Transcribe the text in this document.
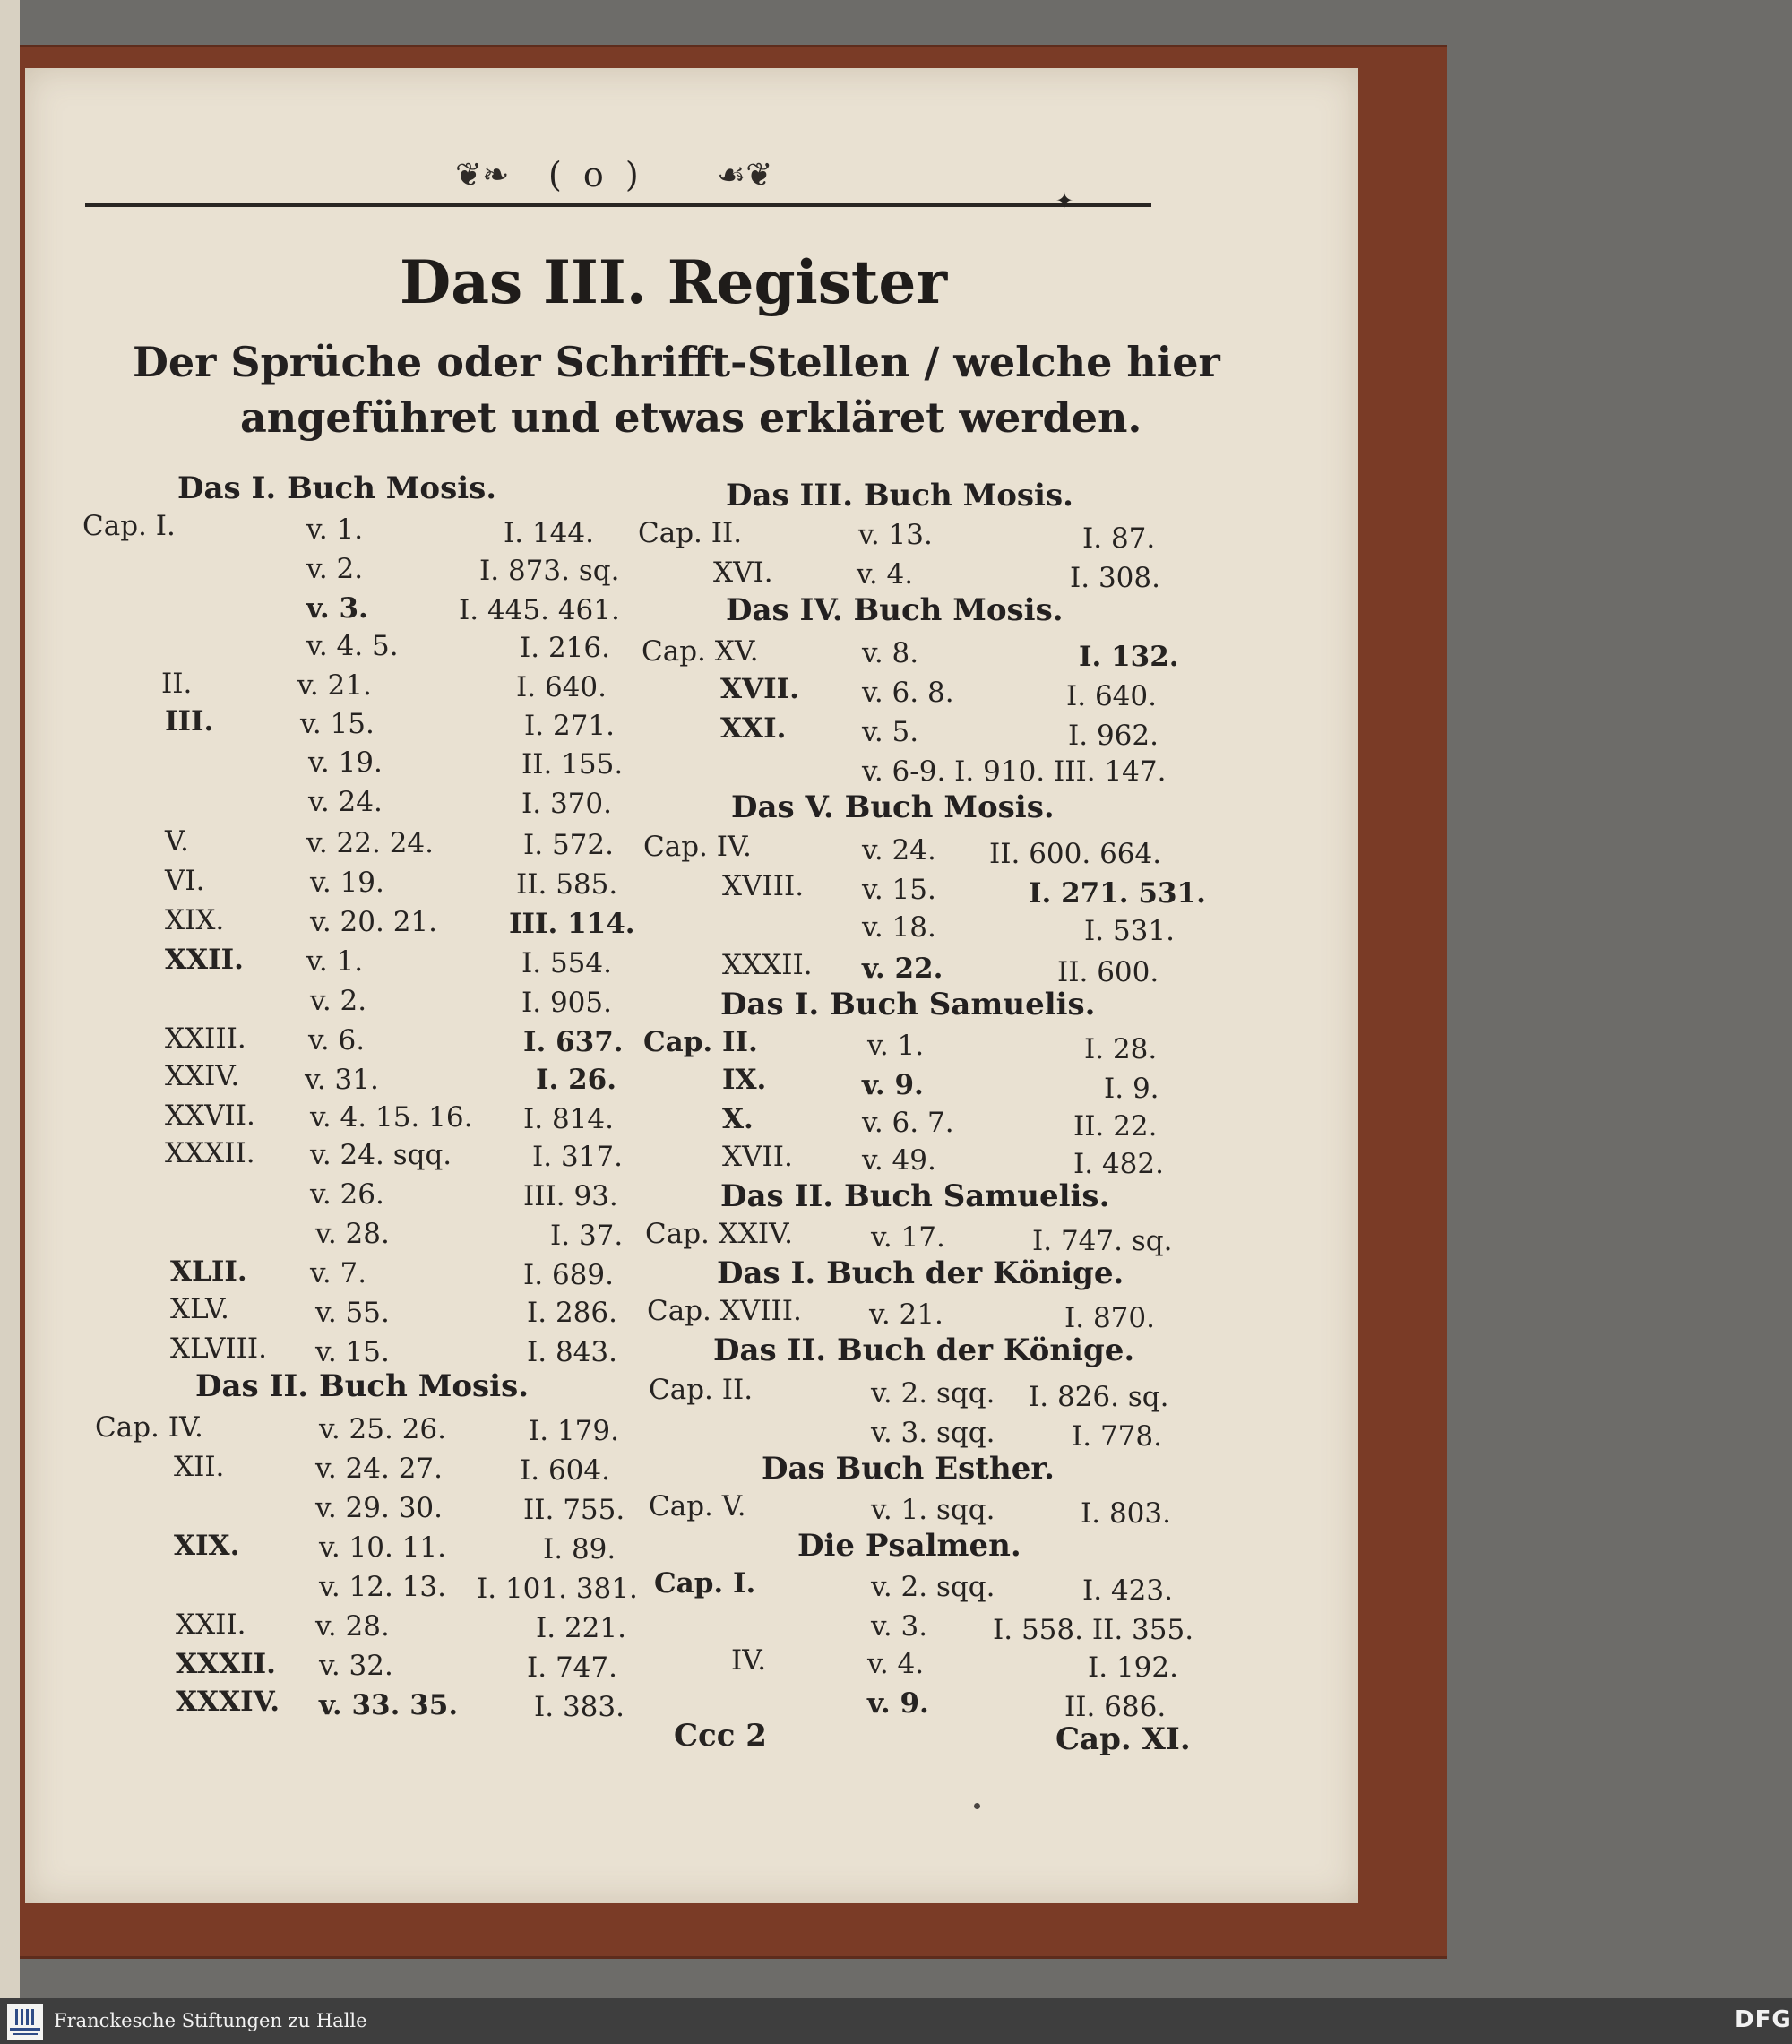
❦❧ ( o ) ☙❦
✦
Das III. Register
Der Sprüche oder Schrifft-Stellen / welche hier
angeführet und etwas erkläret werden.
Das I. Buch Mosis.
Cap. I.	v. 1.	I. 144.
v. 2.	I. 873. sq.
v. 3.	I. 445. 461.
v. 4. 5.	I. 216.
II.	v. 21.	I. 640.
III.	v. 15.	I. 271.
v. 19.	II. 155.
v. 24.	I. 370.
V.	v. 22. 24.	I. 572.
VI.	v. 19.	II. 585.
XIX.	v. 20. 21.	III. 114.
XXII. v. 1.	I. 554.
v. 2.	I. 905.
XXIII. v. 6.	I. 637.
XXIV. v. 31.	I. 26.
XXVII. v. 4. 15. 16. I. 814.
XXXII. v. 24. sqq.	I. 317.
v. 26.	III. 93.
v. 28.	I. 37.
XLII. v. 7.	I. 689.
XLV.	v. 55.	I. 286.
XLVIII. v. 15.	I. 843.
Das II. Buch Mosis.
Cap. IV.	v. 25. 26.	I. 179.
XII.	v. 24. 27.	I. 604.
v. 29. 30.	II. 755.
XIX.	v. 10. 11.	I. 89.
v. 12. 13. I. 101. 381.
XXII.	v. 28.	I. 221.
XXXII. v. 32.	I. 747.
XXXIV. v. 33. 35.	I. 383.
Das III. Buch Mosis.
Cap. II.	v. 13.	I. 87.
XVI.	v. 4.	I. 308.
Das IV. Buch Mosis.
Cap. XV.	v. 8.	I. 132.
XVII. v. 6. 8.	I. 640.
XXI.	v. 5.	I. 962.
v. 6-9. I. 910. III. 147.
Das V. Buch Mosis.
Cap. IV.	v. 24. II. 600. 664.
XVIII. v. 15.	I. 271. 531.
v. 18.	I. 531.
XXXII. v. 22.	II. 600.
Das I. Buch Samuelis.
Cap. II.	v. 1.	I. 28.
IX.	v. 9.	I. 9.
X.	v. 6. 7.	II. 22.
XVII. v. 49.	I. 482.
Das II. Buch Samuelis.
Cap. XXIV.	v. 17.	I. 747. sq.
Das I. Buch der Könige.
Cap. XVIII. v. 21.	I. 870.
Das II. Buch der Könige.
Cap. II.	v. 2. sqq. I. 826. sq.
v. 3. sqq.	I. 778.
Das Buch Esther.
Cap. V.	v. 1. sqq.	I. 803.
Die Psalmen.
Cap. I.	v. 2. sqq.	I. 423.
v. 3. I. 558. II. 355.
IV.	v. 4.	I. 192.
v. 9.	II. 686.
Ccc 2	Cap. XI.
Franckesche Stiftungen zu Halle	DFG
